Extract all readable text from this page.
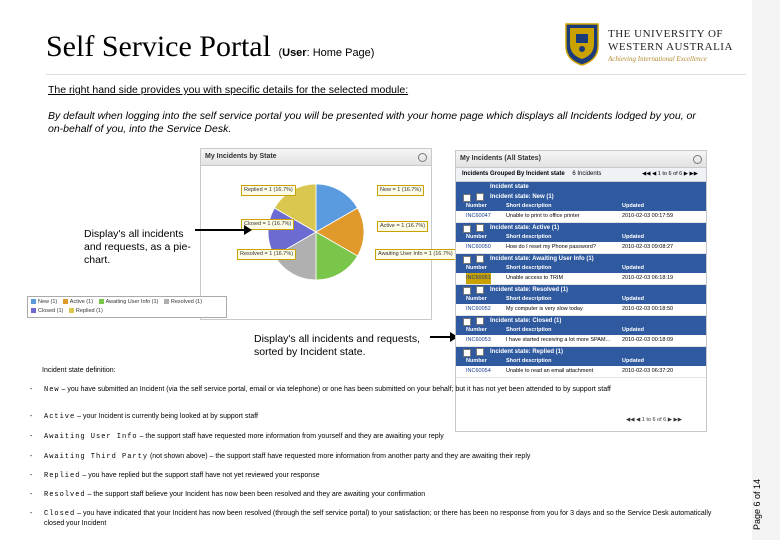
Self Service Portal (User: Home Page)
THE UNIVERSITY OF
WESTERN AUSTRALIA
Achieving International Excellence
The right hand side provides you with specific details for the selected module:
By default when logging into the self service portal you will be presented with your home page which displays all Incidents lodged by you, or on-behalf of you, into the Service Desk.
My Incidents by State
Replied = 1 (16.7%)	New = 1 (16.7%)
Closed = 1 (16.7%)	Active = 1 (16.7%)
Resolved = 1 (16.7%)	Awaiting User Info = 1 (16.7%)
New (1) Active (1) Awaiting User Info (1) Resolved (1)
Closed (1) Replied (1)
Display's all incidents and requests, as a pie-chart.
Display's all incidents and requests, sorted by Incident state.
My Incidents (All States)
Incidents Grouped By Incident state 6 Incidents	◀◀ ◀ 1 to 6 of 6 ▶ ▶▶
Incident state
Incident state: New (1)
Number	Short description	Updated
INC60047	Unable to print to office printer	2010-02-03 00:17:59
Incident state: Active (1)
Number	Short description	Updated
INC60050	How do I reset my Phone password?	2010-02-03 09:08:27
Incident state: Awaiting User Info (1)
Number	Short description	Updated
INC60051	Unable access to TRIM	2010-02-03 06:18:19
Incident state: Resolved (1)
Number	Short description	Updated
INC60052	My computer is very slow today	2010-02-03 00:18:50
Incident state: Closed (1)
Number	Short description	Updated
INC60053	I have started receiving a lot more SPAM... 2010-02-03 00:18:09
Incident state: Replied (1)
Number	Short description	Updated
INC60054	Unable to read an email attachment	2010-02-03 06:37:20
◀◀ ◀ 1 to 6 of 6 ▶ ▶▶
Incident state definition:
- New – you have submitted an Incident (via the self service portal, email or via telephone) or one has been submitted on your behalf; but it has not yet been attended to by support staff
- Active – your Incident is currently being looked at by support staff
- Awaiting User Info – the support staff have requested more information from yourself and they are awaiting your reply
- Awaiting Third Party (not shown above) – the support staff have requested more information from another party and they are awaiting their reply
- Replied – you have replied but the support staff have not yet reviewed your response
- Resolved – the support staff believe your Incident has now been been resolved and they are awaiting your confirmation
- Closed – you have indicated that your Incident has now been resolved (through the self service portal) to your satisfaction; or there has been no response from you for 3 days and so the Service Desk automatically closed your Incident	Page 6 of 14
